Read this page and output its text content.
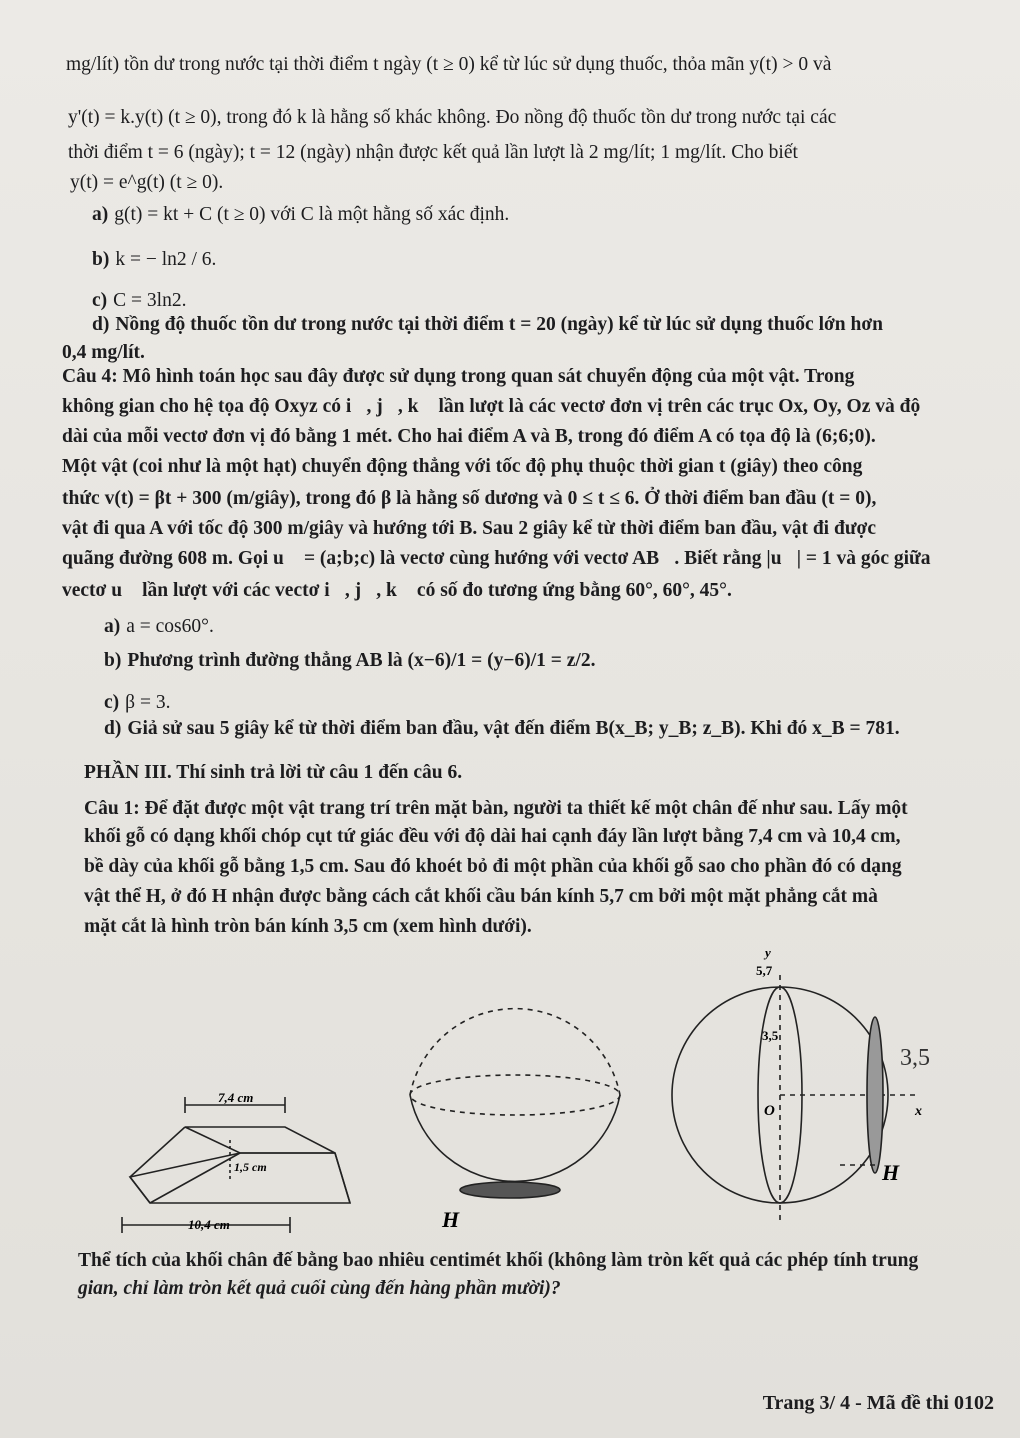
mg/lít) tồn dư trong nước tại thời điểm t ngày (t ≥ 0) kể từ lúc sử dụng thuốc, thỏa mãn y(t) > 0 và
y'(t) = k.y(t) (t ≥ 0), trong đó k là hằng số khác không. Đo nồng độ thuốc tồn dư trong nước tại các
thời điểm t = 6 (ngày); t = 12 (ngày) nhận được kết quả lần lượt là 2 mg/lít; 1 mg/lít. Cho biết
y(t) = e^g(t) (t ≥ 0).
a) g(t) = kt + C (t ≥ 0) với C là một hằng số xác định.
b) k = − ln2 / 6.
c) C = 3ln2.
d) Nồng độ thuốc tồn dư trong nước tại thời điểm t = 20 (ngày) kể từ lúc sử dụng thuốc lớn hơn
0,4 mg/lít.
Câu 4: Mô hình toán học sau đây được sử dụng trong quan sát chuyển động của một vật. Trong
không gian cho hệ tọa độ Oxyz có i⃗, j⃗, k⃗ lần lượt là các vectơ đơn vị trên các trục Ox, Oy, Oz và độ
dài của mỗi vectơ đơn vị đó bằng 1 mét. Cho hai điểm A và B, trong đó điểm A có tọa độ là (6;6;0).
Một vật (coi như là một hạt) chuyển động thẳng với tốc độ phụ thuộc thời gian t (giây) theo công
thức v(t) = βt + 300 (m/giây), trong đó β là hằng số dương và 0 ≤ t ≤ 6. Ở thời điểm ban đầu (t = 0),
vật đi qua A với tốc độ 300 m/giây và hướng tới B. Sau 2 giây kể từ thời điểm ban đầu, vật đi được
quãng đường 608 m. Gọi u⃗ = (a;b;c) là vectơ cùng hướng với vectơ AB⃗. Biết rằng |u⃗| = 1 và góc giữa
vectơ u⃗ lần lượt với các vectơ i⃗, j⃗, k⃗ có số đo tương ứng bằng 60°, 60°, 45°.
a) a = cos60°.
b) Phương trình đường thẳng AB là (x−6)/1 = (y−6)/1 = z/2.
c) β = 3.
d) Giả sử sau 5 giây kể từ thời điểm ban đầu, vật đến điểm B(x_B; y_B; z_B). Khi đó x_B = 781.
PHẦN III. Thí sinh trả lời từ câu 1 đến câu 6.
Câu 1: Để đặt được một vật trang trí trên mặt bàn, người ta thiết kế một chân đế như sau. Lấy một
khối gỗ có dạng khối chóp cụt tứ giác đều với độ dài hai cạnh đáy lần lượt bằng 7,4 cm và 10,4 cm,
bề dày của khối gỗ bằng 1,5 cm. Sau đó khoét bỏ đi một phần của khối gỗ sao cho phần đó có dạng
vật thể H, ở đó H nhận được bằng cách cắt khối cầu bán kính 5,7 cm bởi một mặt phẳng cắt mà
mặt cắt là hình tròn bán kính 3,5 cm (xem hình dưới).
7,4 cm
1,5 cm
10,4 cm	H
y
5,7
3,5
O	x
H
3,5
Thể tích của khối chân đế bằng bao nhiêu centimét khối (không làm tròn kết quả các phép tính trung
gian, chỉ làm tròn kết quả cuối cùng đến hàng phần mười)?
Trang 3/ 4 - Mã đề thi 0102
